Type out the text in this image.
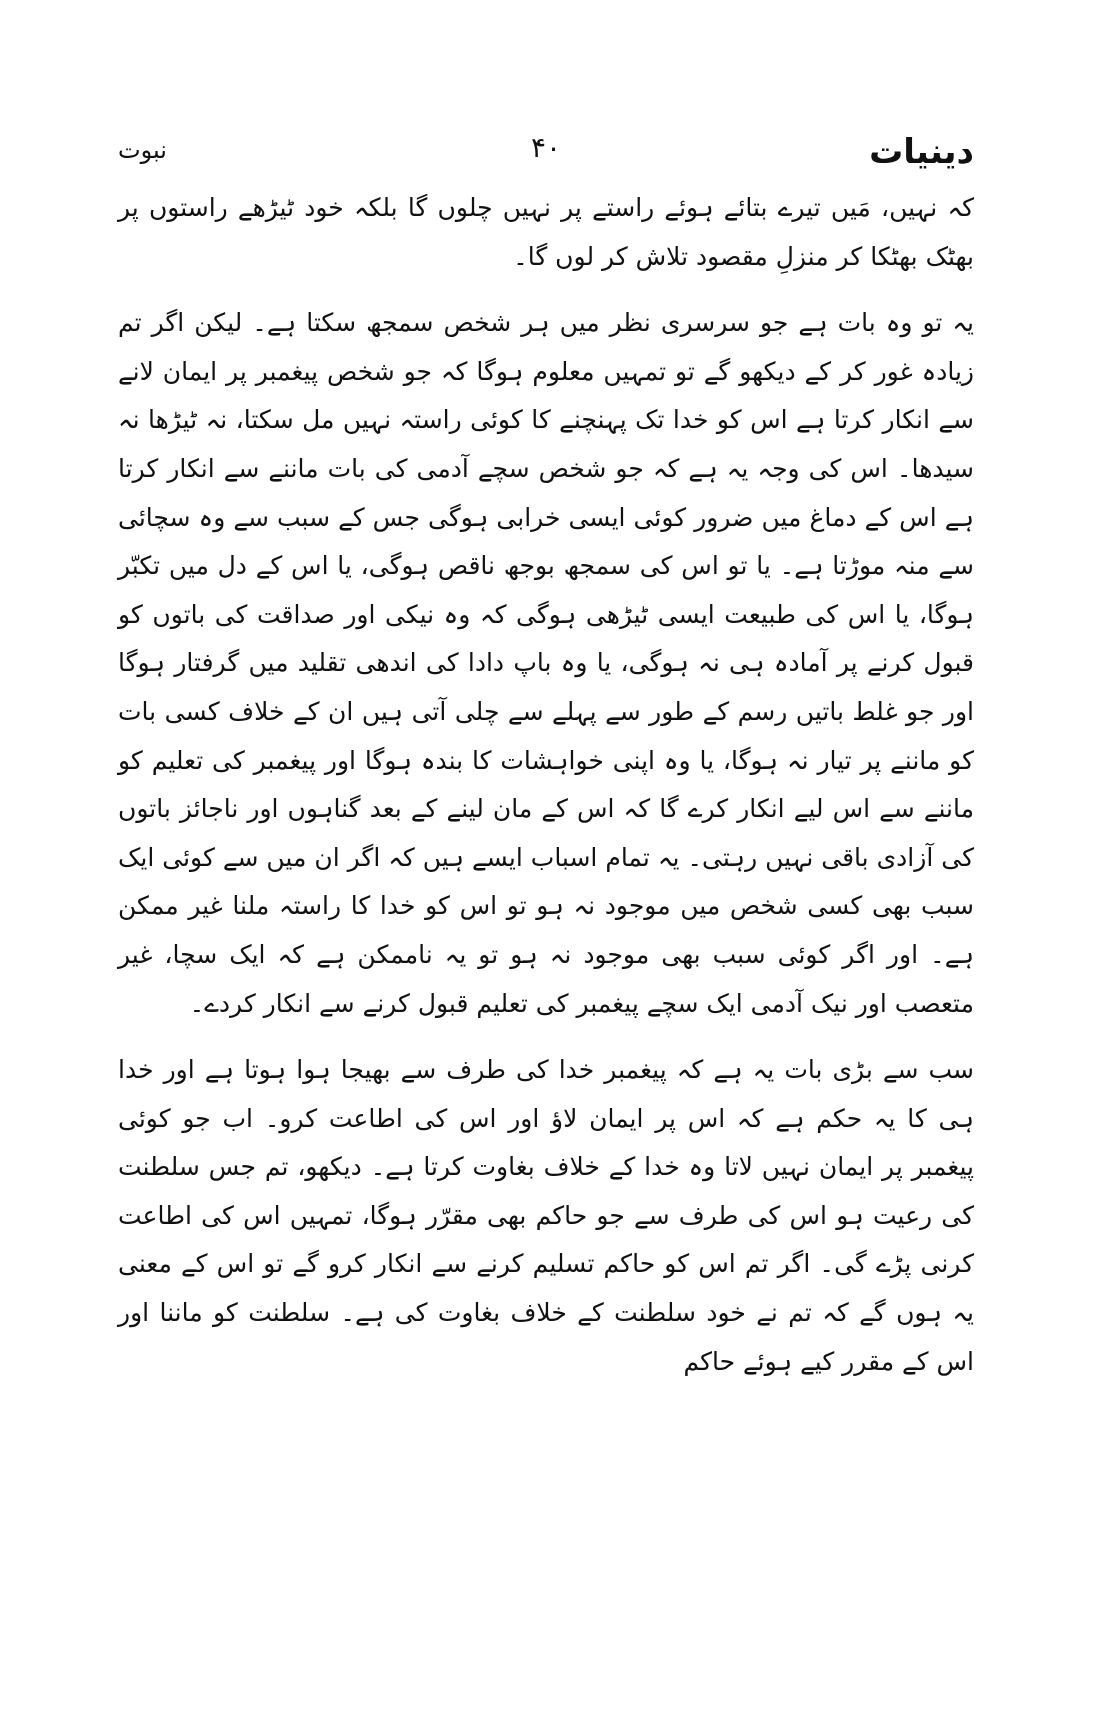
دینیات
۴۰
نبوت

کہ نہیں، مَیں تیرے بتائے ہوئے راستے پر نہیں چلوں گا بلکہ خود ٹیڑھے راستوں پر بھٹک بھٹکا کر منزلِ مقصود تلاش کر لوں گا۔

یہ تو وہ بات ہے جو سرسری نظر میں ہر شخص سمجھ سکتا ہے۔ لیکن اگر تم زیادہ غور کر کے دیکھو گے تو تمہیں معلوم ہوگا کہ جو شخص پیغمبر پر ایمان لانے سے انکار کرتا ہے اس کو خدا تک پہنچنے کا کوئی راستہ نہیں مل سکتا، نہ ٹیڑھا نہ سیدھا۔ اس کی وجہ یہ ہے کہ جو شخص سچے آدمی کی بات ماننے سے انکار کرتا ہے اس کے دماغ میں ضرور کوئی ایسی خرابی ہوگی جس کے سبب سے وہ سچائی سے منہ موڑتا ہے۔ یا تو اس کی سمجھ بوجھ ناقص ہوگی، یا اس کے دل میں تکبّر ہوگا، یا اس کی طبیعت ایسی ٹیڑھی ہوگی کہ وہ نیکی اور صداقت کی باتوں کو قبول کرنے پر آمادہ ہی نہ ہوگی، یا وہ باپ دادا کی اندھی تقلید میں گرفتار ہوگا اور جو غلط باتیں رسم کے طور سے پہلے سے چلی آتی ہیں ان کے خلاف کسی بات کو ماننے پر تیار نہ ہوگا، یا وہ اپنی خواہشات کا بندہ ہوگا اور پیغمبر کی تعلیم کو ماننے سے اس لیے انکار کرے گا کہ اس کے مان لینے کے بعد گناہوں اور ناجائز باتوں کی آزادی باقی نہیں رہتی۔ یہ تمام اسباب ایسے ہیں کہ اگر ان میں سے کوئی ایک سبب بھی کسی شخص میں موجود نہ ہو تو اس کو خدا کا راستہ ملنا غیر ممکن ہے۔ اور اگر کوئی سبب بھی موجود نہ ہو تو یہ ناممکن ہے کہ ایک سچا، غیر متعصب اور نیک آدمی ایک سچے پیغمبر کی تعلیم قبول کرنے سے انکار کردے۔

سب سے بڑی بات یہ ہے کہ پیغمبر خدا کی طرف سے بھیجا ہوا ہوتا ہے اور خدا ہی کا یہ حکم ہے کہ اس پر ایمان لاؤ اور اس کی اطاعت کرو۔ اب جو کوئی پیغمبر پر ایمان نہیں لاتا وہ خدا کے خلاف بغاوت کرتا ہے۔ دیکھو، تم جس سلطنت کی رعیت ہو اس کی طرف سے جو حاکم بھی مقرّر ہوگا، تمہیں اس کی اطاعت کرنی پڑے گی۔ اگر تم اس کو حاکم تسلیم کرنے سے انکار کرو گے تو اس کے معنی یہ ہوں گے کہ تم نے خود سلطنت کے خلاف بغاوت کی ہے۔ سلطنت کو ماننا اور اس کے مقرر کیے ہوئے حاکم
